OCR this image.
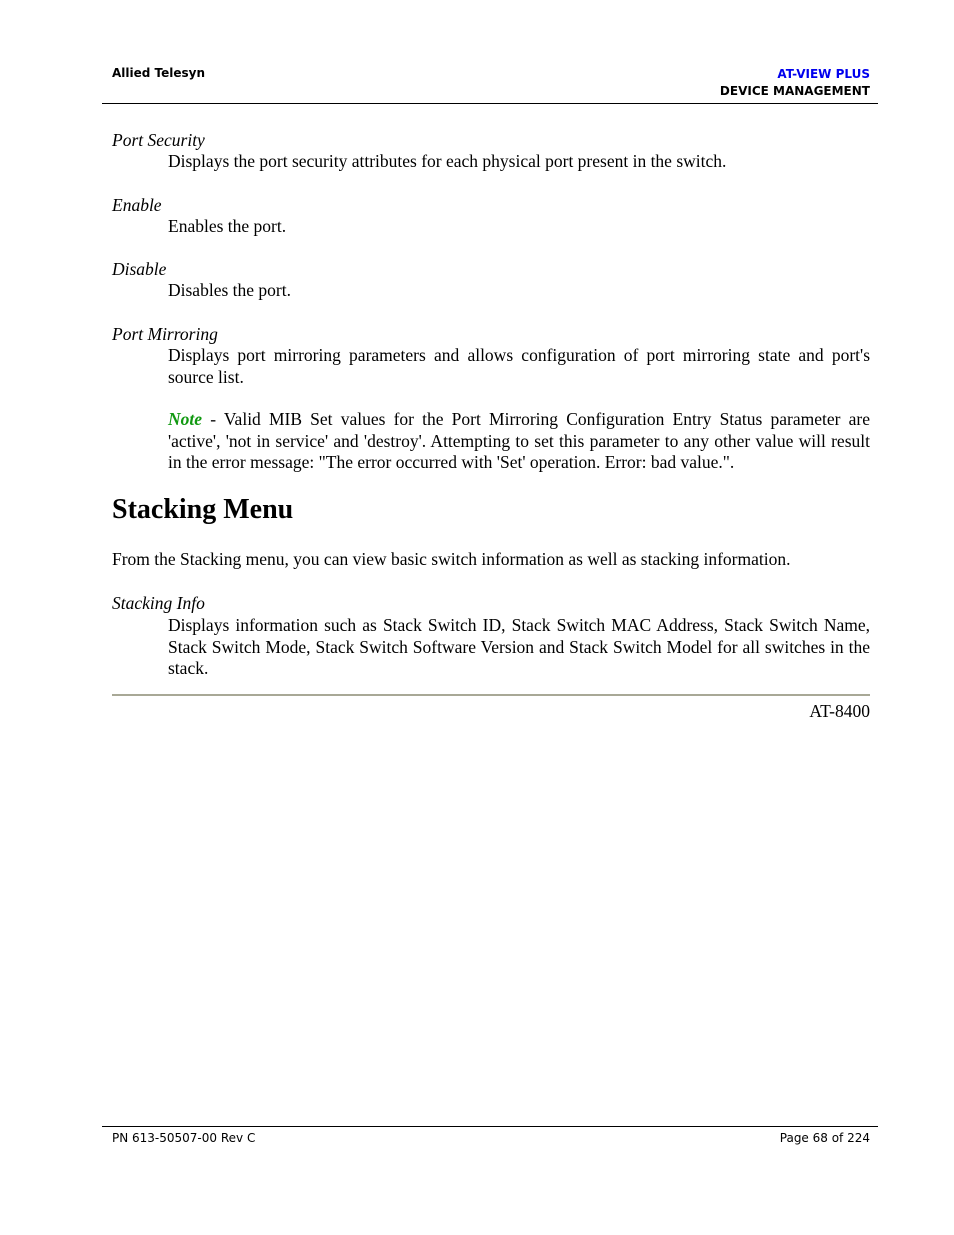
Allied Telesyn	AT-VIEW PLUS
DEVICE MANAGEMENT
Port Security
Displays the port security attributes for each physical port present in the switch.
Enable
Enables the port.
Disable
Disables the port.
Port Mirroring
Displays port mirroring parameters and allows configuration of port mirroring state and port's source list.
Note - Valid MIB Set values for the Port Mirroring Configuration Entry Status parameter are 'active', 'not in service' and 'destroy'. Attempting to set this parameter to any other value will result in the error message: "The error occurred with 'Set' operation. Error: bad value.".
Stacking Menu
From the Stacking menu, you can view basic switch information as well as stacking information.
Stacking Info
Displays information such as Stack Switch ID, Stack Switch MAC Address, Stack Switch Name, Stack Switch Mode, Stack Switch Software Version and Stack Switch Model for all switches in the stack.
AT-8400
PN 613-50507-00 Rev C	Page 68 of 224
